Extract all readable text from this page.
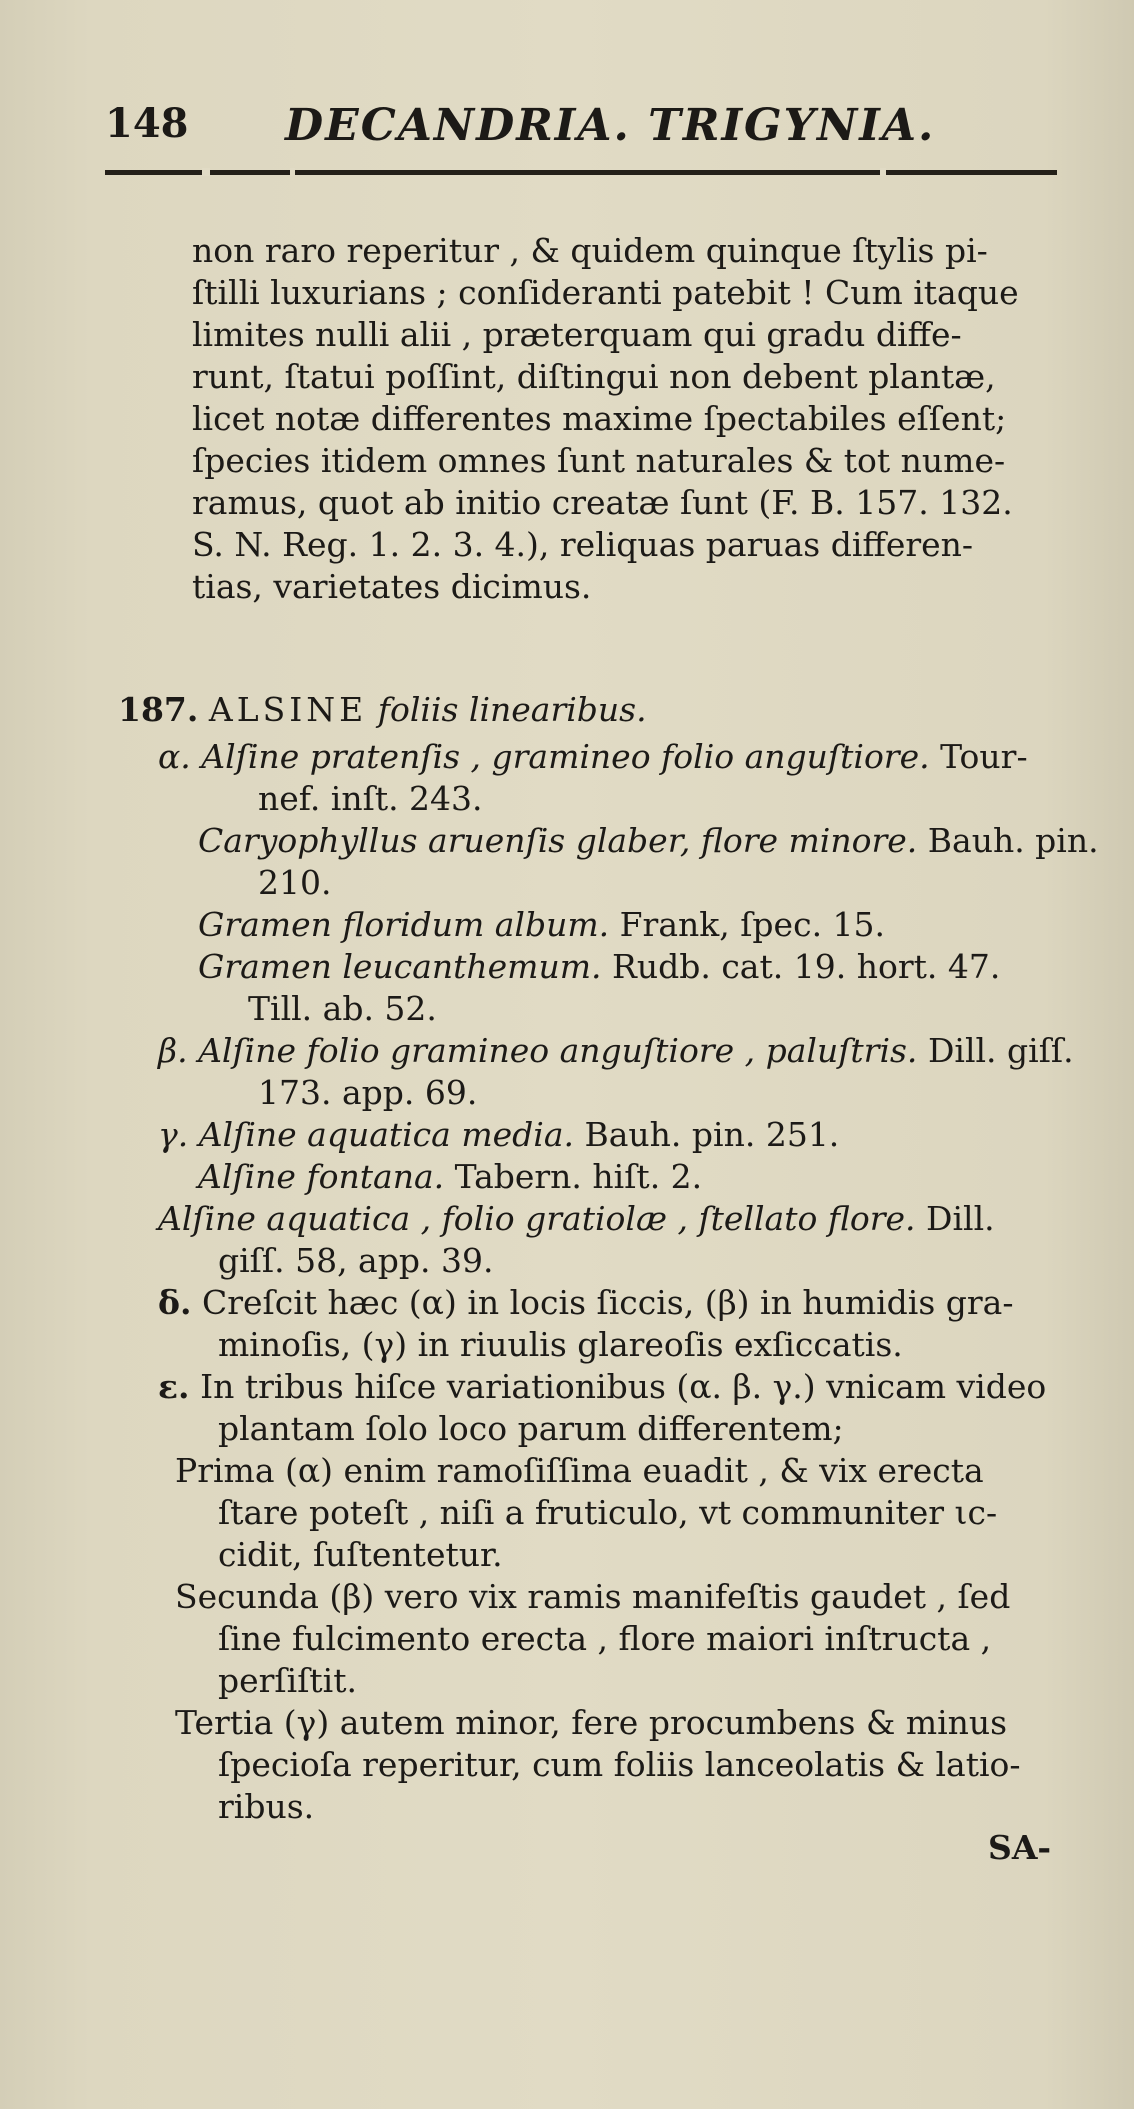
148 DECANDRIA. TRIGYNIA.
non raro reperitur , & quidem quinque ſtylis pi-
ſtilli luxurians ; conſideranti patebit ! Cum itaque
limites nulli alii , præterquam qui gradu diffe-
runt, ſtatui poſſint, diſtingui non debent plantæ,
licet notæ differentes maxime ſpectabiles eſſent;
ſpecies itidem omnes ſunt naturales & tot nume-
ramus, quot ab initio creatæ ſunt (F. B. 157. 132.
S. N. Reg. 1. 2. 3. 4.), reliquas paruas differen-
tias, varietates dicimus.
187. ALSINE foliis linearibus.
α. Alſine pratenſis , gramineo folio anguſtiore. Tour-
nef. inſt. 243.
Caryophyllus aruenſis glaber, flore minore. Bauh. pin.
210.
Gramen floridum album. Frank, ſpec. 15.
Gramen leucanthemum. Rudb. cat. 19. hort. 47.
Till. ab. 52.
β. Alſine folio gramineo anguſtiore , paluſtris. Dill. giſſ.
173. app. 69.
γ. Alſine aquatica media. Bauh. pin. 251.
Alſine fontana. Tabern. hiſt. 2.
Alſine aquatica , folio gratiolæ , ſtellato flore. Dill.
giſſ. 58, app. 39.
δ. Creſcit hæc (α) in locis ſiccis, (β) in humidis gra-
minoſis, (γ) in riuulis glareoſis exſiccatis.
ε. In tribus hiſce variationibus (α. β. γ.) vnicam video
plantam ſolo loco parum differentem;
Prima (α) enim ramoſiſſima euadit , & vix erecta
ſtare poteſt , niſi a fruticulo, vt communiter ιc-
cidit, ſuſtentetur.
Secunda (β) vero vix ramis manifeſtis gaudet , ſed
ſine fulcimento erecta , flore maiori inſtructa ,
perſiſtit.
Tertia (γ) autem minor, fere procumbens & minus
ſpecioſa reperitur, cum foliis lanceolatis & latio-
ribus.
SA-
